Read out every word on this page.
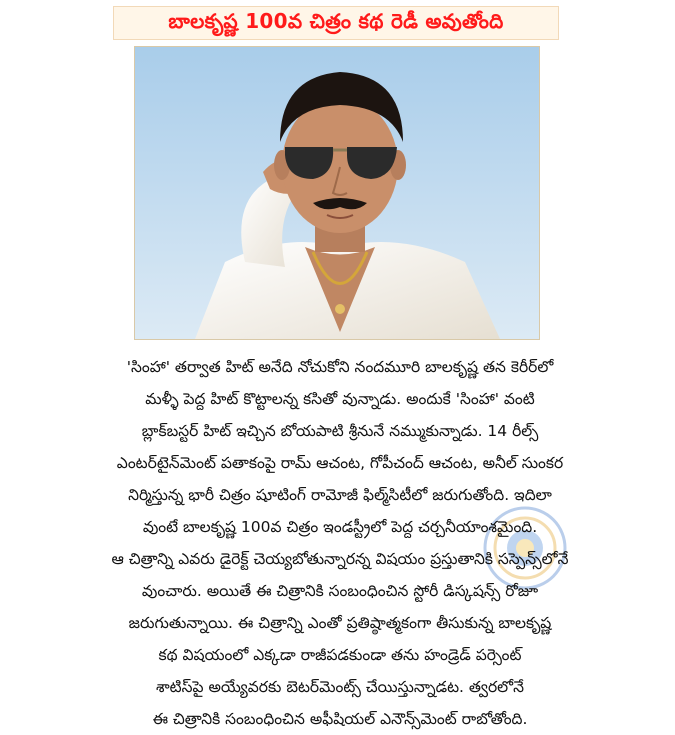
బాలకృష్ణ 100వ చిత్రం కథ రెడీ అవుతోంది
'సింహా' తర్వాత హిట్ అనేది నోచుకోని నందమూరి బాలకృష్ణ తన కెరీర్‌లో
మళ్ళీ పెద్ద హిట్ కొట్టాలన్న కసితో వున్నాడు. అందుకే 'సింహా' వంటి
బ్లాక్‌బస్టర్ హిట్ ఇచ్చిన బోయపాటి శ్రీనునే నమ్ముకున్నాడు. 14 రీల్స్
ఎంటర్‌టైన్‌మెంట్ పతాకంపై రామ్ ఆచంట, గోపీచంద్ ఆచంట, అనీల్ సుంకర
నిర్మిస్తున్న భారీ చిత్రం షూటింగ్ రామోజీ ఫిల్మ్‌సిటీలో జరుగుతోంది. ఇదిలా
వుంటే బాలకృష్ణ 100వ చిత్రం ఇండస్ట్రీలో పెద్ద చర్చనీయాంశమైంది.
ఆ చిత్రాన్ని ఎవరు డైరెక్ట్ చెయ్యబోతున్నారన్న విషయం ప్రస్తుతానికి సస్పెన్స్‌లోనే
వుంచారు. అయితే ఈ చిత్రానికి సంబంధించిన స్టోరీ డిస్కషన్స్ రోజూ
జరుగుతున్నాయి. ఈ చిత్రాన్ని ఎంతో ప్రతిష్ఠాత్మకంగా తీసుకున్న బాలకృష్ణ
కథ విషయంలో ఎక్కడా రాజీపడకుండా తను హండ్రెడ్ పర్సెంట్
శాటిస్‌పై అయ్యేవరకు బెటర్‌మెంట్స్ చేయిస్తున్నాడట. త్వరలోనే
ఈ చిత్రానికి సంబంధించిన అఫీషియల్ ఎనౌన్స్‌మెంట్ రాబోతోంది.
